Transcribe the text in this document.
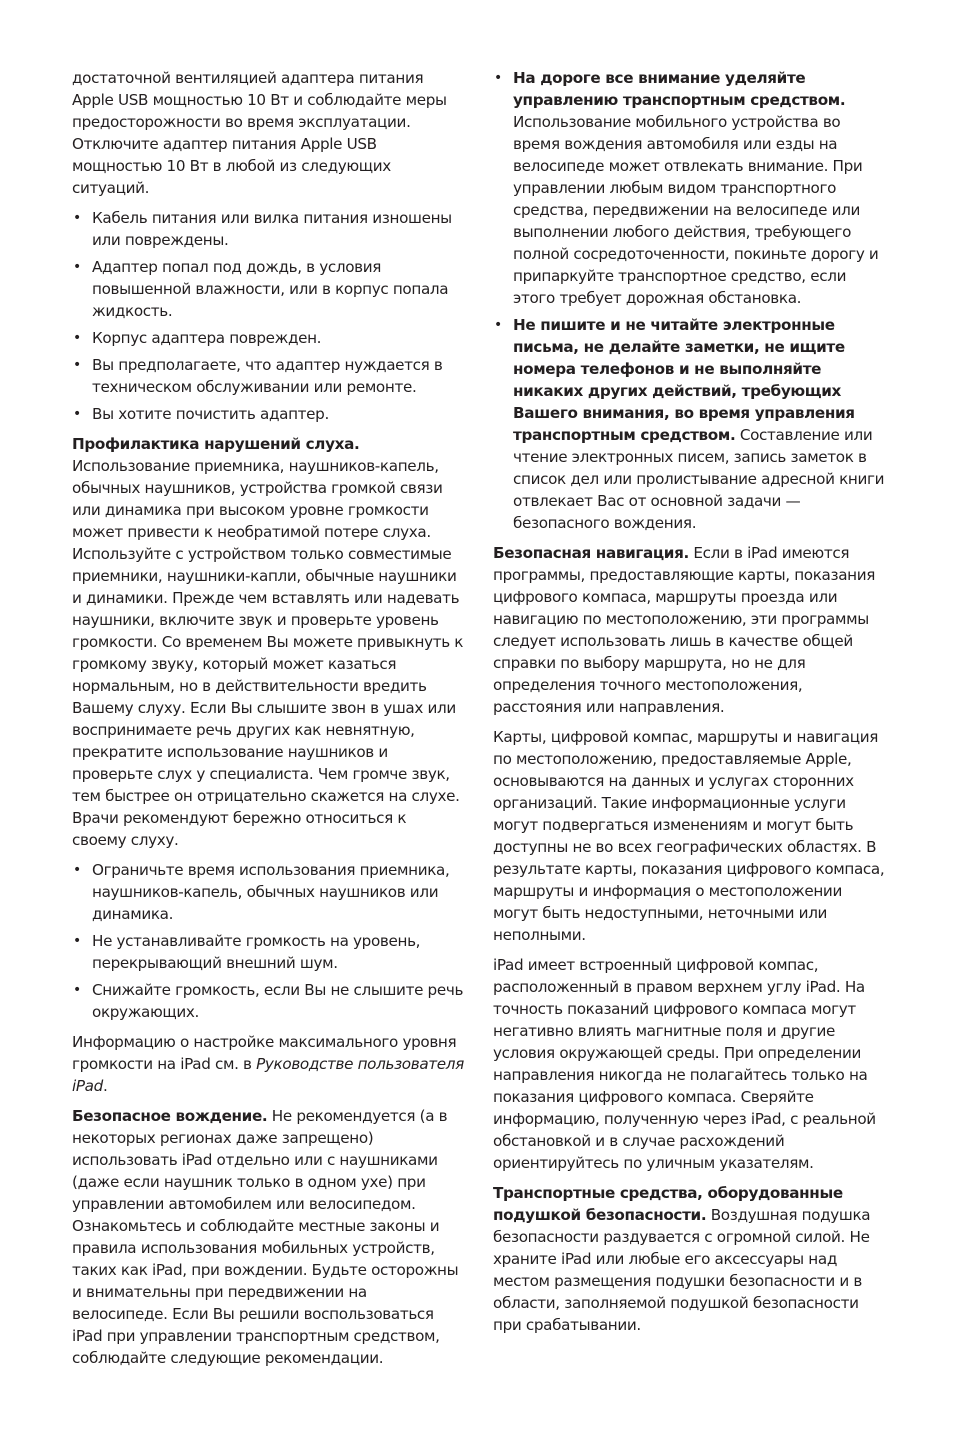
достаточной вентиляцией адаптера питания Apple USB мощностью 10 Вт и соблюдайте меры предосторожности во время эксплуатации. Отключите адаптер питания Apple USB мощностью 10 Вт в любой из следующих ситуаций.

• Кабель питания или вилка питания изношены или повреждены.
• Адаптер попал под дождь, в условия повышенной влажности, или в корпус попала жидкость.
• Корпус адаптера поврежден.
• Вы предполагаете, что адаптер нуждается в техническом обслуживании или ремонте.
• Вы хотите почистить адаптер.

Профилактика нарушений слуха.
Использование приемника, наушников-капель, обычных наушников, устройства громкой связи или динамика при высоком уровне громкости может привести к необратимой потере слуха. Используйте с устройством только совместимые приемники, наушники-капли, обычные наушники и динамики. Прежде чем вставлять или надевать наушники, включите звук и проверьте уровень громкости. Со временем Вы можете привыкнуть к громкому звуку, который может казаться нормальным, но в действительности вредить Вашему слуху. Если Вы слышите звон в ушах или воспринимаете речь других как невнятную, прекратите использование наушников и проверьте слух у специалиста. Чем громче звук, тем быстрее он отрицательно скажется на слухе. Врачи рекомендуют бережно относиться к своему слуху.

• Ограничьте время использования приемника, наушников-капель, обычных наушников или динамика.
• Не устанавливайте громкость на уровень, перекрывающий внешний шум.
• Снижайте громкость, если Вы не слышите речь окружающих.

Информацию о настройке максимального уровня громкости на iPad см. в Руководстве пользователя iPad.

Безопасное вождение. Не рекомендуется (а в некоторых регионах даже запрещено) использовать iPad отдельно или с наушниками (даже если наушник только в одном ухе) при управлении автомобилем или велосипедом. Ознакомьтесь и соблюдайте местные законы и правила использования мобильных устройств, таких как iPad, при вождении. Будьте осторожны и внимательны при передвижении на велосипеде. Если Вы решили воспользоваться iPad при управлении транспортным средством, соблюдайте следующие рекомендации.

• На дороге все внимание уделяйте управлению транспортным средством. Использование мобильного устройства во время вождения автомобиля или езды на велосипеде может отвлекать внимание. При управлении любым видом транспортного средства, передвижении на велосипеде или выполнении любого действия, требующего полной сосредоточенности, покиньте дорогу и припаркуйте транспортное средство, если этого требует дорожная обстановка.
• Не пишите и не читайте электронные письма, не делайте заметки, не ищите номера телефонов и не выполняйте никаких других действий, требующих Вашего внимания, во время управления транспортным средством. Составление или чтение электронных писем, запись заметок в список дел или пролистывание адресной книги отвлекает Вас от основной задачи — безопасного вождения.

Безопасная навигация. Если в iPad имеются программы, предоставляющие карты, показания цифрового компаса, маршруты проезда или навигацию по местоположению, эти программы следует использовать лишь в качестве общей справки по выбору маршрута, но не для определения точного местоположения, расстояния или направления.

Карты, цифровой компас, маршруты и навигация по местоположению, предоставляемые Apple, основываются на данных и услугах сторонних организаций. Такие информационные услуги могут подвергаться изменениям и могут быть доступны не во всех географических областях. В результате карты, показания цифрового компаса, маршруты и информация о местоположении могут быть недоступными, неточными или неполными.

iPad имеет встроенный цифровой компас, расположенный в правом верхнем углу iPad. На точность показаний цифрового компаса могут негативно влиять магнитные поля и другие условия окружающей среды. При определении направления никогда не полагайтесь только на показания цифрового компаса. Сверяйте информацию, полученную через iPad, с реальной обстановкой и в случае расхождений ориентируйтесь по уличным указателям.

Транспортные средства, оборудованные подушкой безопасности. Воздушная подушка безопасности раздувается с огромной силой. Не храните iPad или любые его аксессуары над местом размещения подушки безопасности и в области, заполняемой подушкой безопасности при срабатывании.
